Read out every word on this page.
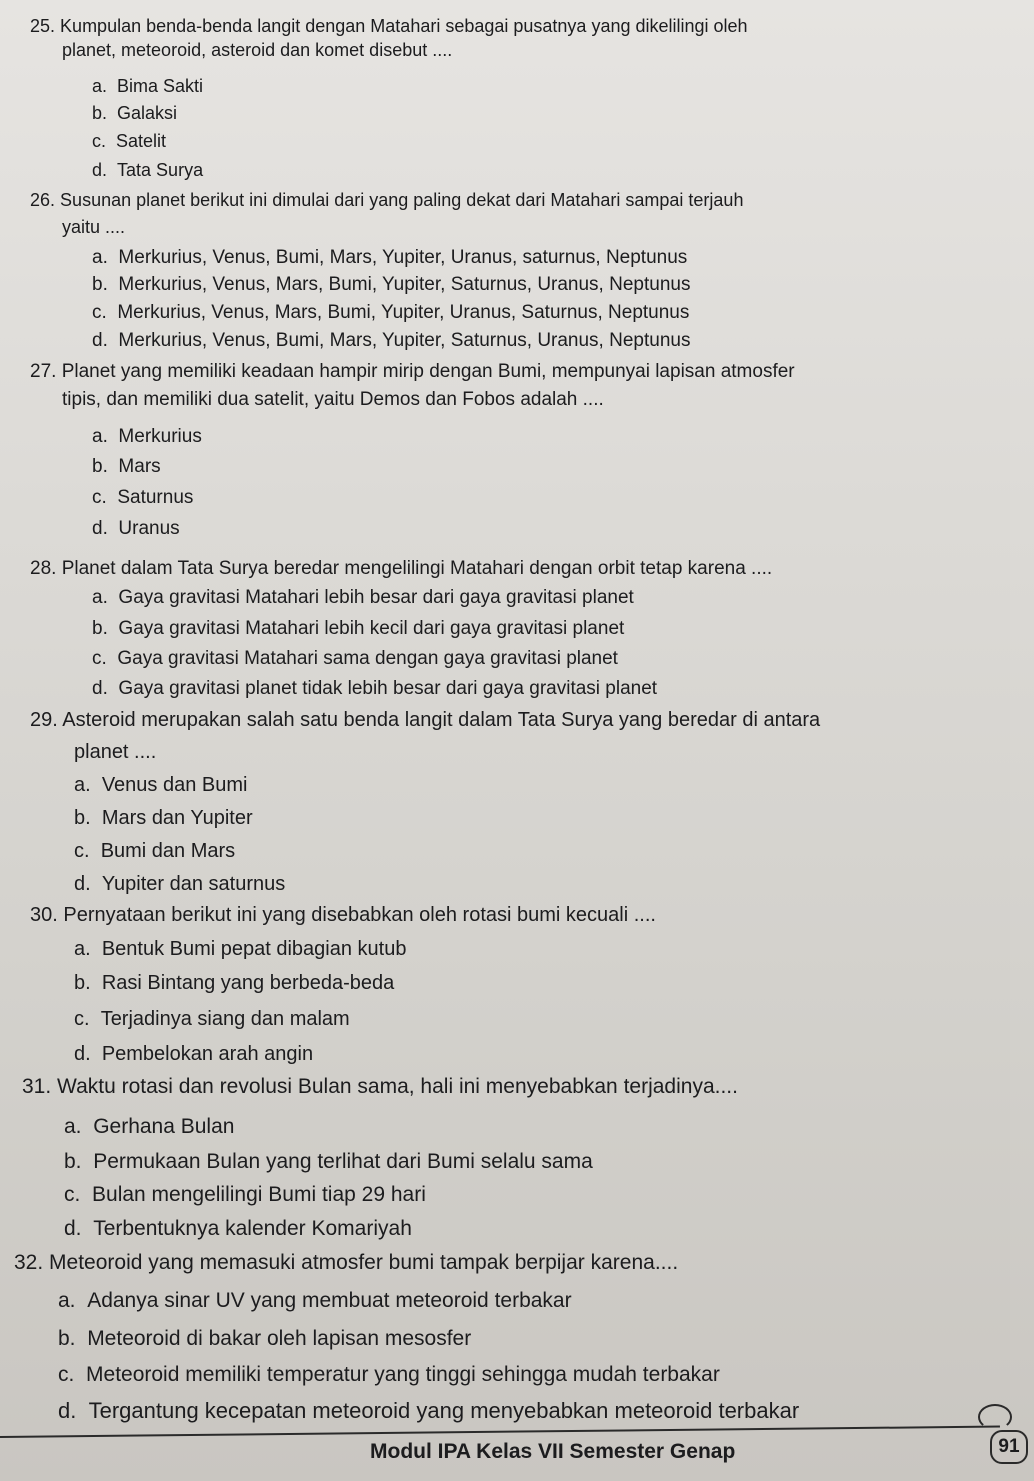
25. Kumpulan benda-benda langit dengan Matahari sebagai pusatnya yang dikelilingi oleh
planet, meteoroid, asteroid dan komet disebut ....
a. Bima Sakti
b. Galaksi
c. Satelit
d. Tata Surya
26. Susunan planet berikut ini dimulai dari yang paling dekat dari Matahari sampai terjauh
yaitu ....
a. Merkurius, Venus, Bumi, Mars, Yupiter, Uranus, saturnus, Neptunus
b. Merkurius, Venus, Mars, Bumi, Yupiter, Saturnus, Uranus, Neptunus
c. Merkurius, Venus, Mars, Bumi, Yupiter, Uranus, Saturnus, Neptunus
d. Merkurius, Venus, Bumi, Mars, Yupiter, Saturnus, Uranus, Neptunus
27. Planet yang memiliki keadaan hampir mirip dengan Bumi, mempunyai lapisan atmosfer
tipis, dan memiliki dua satelit, yaitu Demos dan Fobos adalah ....
a. Merkurius
b. Mars
c. Saturnus
d. Uranus
28. Planet dalam Tata Surya beredar mengelilingi Matahari dengan orbit tetap karena ....
a. Gaya gravitasi Matahari lebih besar dari gaya gravitasi planet
b. Gaya gravitasi Matahari lebih kecil dari gaya gravitasi planet
c. Gaya gravitasi Matahari sama dengan gaya gravitasi planet
d. Gaya gravitasi planet tidak lebih besar dari gaya gravitasi planet
29. Asteroid merupakan salah satu benda langit dalam Tata Surya yang beredar di antara
planet ....
a. Venus dan Bumi
b. Mars dan Yupiter
c. Bumi dan Mars
d. Yupiter dan saturnus
30. Pernyataan berikut ini yang disebabkan oleh rotasi bumi kecuali ....
a. Bentuk Bumi pepat dibagian kutub
b. Rasi Bintang yang berbeda-beda
c. Terjadinya siang dan malam
d. Pembelokan arah angin
31. Waktu rotasi dan revolusi Bulan sama, hali ini menyebabkan terjadinya....
a. Gerhana Bulan
b. Permukaan Bulan yang terlihat dari Bumi selalu sama
c. Bulan mengelilingi Bumi tiap 29 hari
d. Terbentuknya kalender Komariyah
32. Meteoroid yang memasuki atmosfer bumi tampak berpijar karena....
a. Adanya sinar UV yang membuat meteoroid terbakar
b. Meteoroid di bakar oleh lapisan mesosfer
c. Meteoroid memiliki temperatur yang tinggi sehingga mudah terbakar
d. Tergantung kecepatan meteoroid yang menyebabkan meteoroid terbakar
Modul IPA Kelas VII Semester Genap	91
